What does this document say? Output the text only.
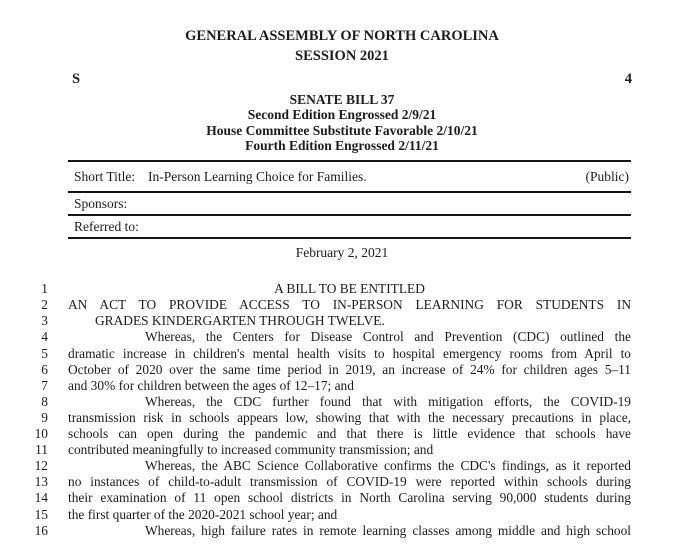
GENERAL ASSEMBLY OF NORTH CAROLINA
SESSION 2021
S	4
SENATE BILL 37
Second Edition Engrossed 2/9/21
House Committee Substitute Favorable 2/10/21
Fourth Edition Engrossed 2/11/21
Short Title: In-Person Learning Choice for Families.	(Public)
Sponsors:
Referred to:
February 2, 2021
1	A BILL TO BE ENTITLED
2 AN ACT TO PROVIDE ACCESS TO IN-PERSON LEARNING FOR STUDENTS IN
3	GRADES KINDERGARTEN THROUGH TWELVE.
4	Whereas, the Centers for Disease Control and Prevention (CDC) outlined the
5 dramatic increase in children's mental health visits to hospital emergency rooms from April to
6 October of 2020 over the same time period in 2019, an increase of 24% for children ages 5–11
7 and 30% for children between the ages of 12–17; and
8	Whereas, the CDC further found that with mitigation efforts, the COVID-19
9 transmission risk in schools appears low, showing that with the necessary precautions in place,
10 schools can open during the pandemic and that there is little evidence that schools have
11 contributed meaningfully to increased community transmission; and
12	Whereas, the ABC Science Collaborative confirms the CDC's findings, as it reported
13 no instances of child-to-adult transmission of COVID-19 were reported within schools during
14 their examination of 11 open school districts in North Carolina serving 90,000 students during
15 the first quarter of the 2020-2021 school year; and
16	Whereas, high failure rates in remote learning classes among middle and high school
